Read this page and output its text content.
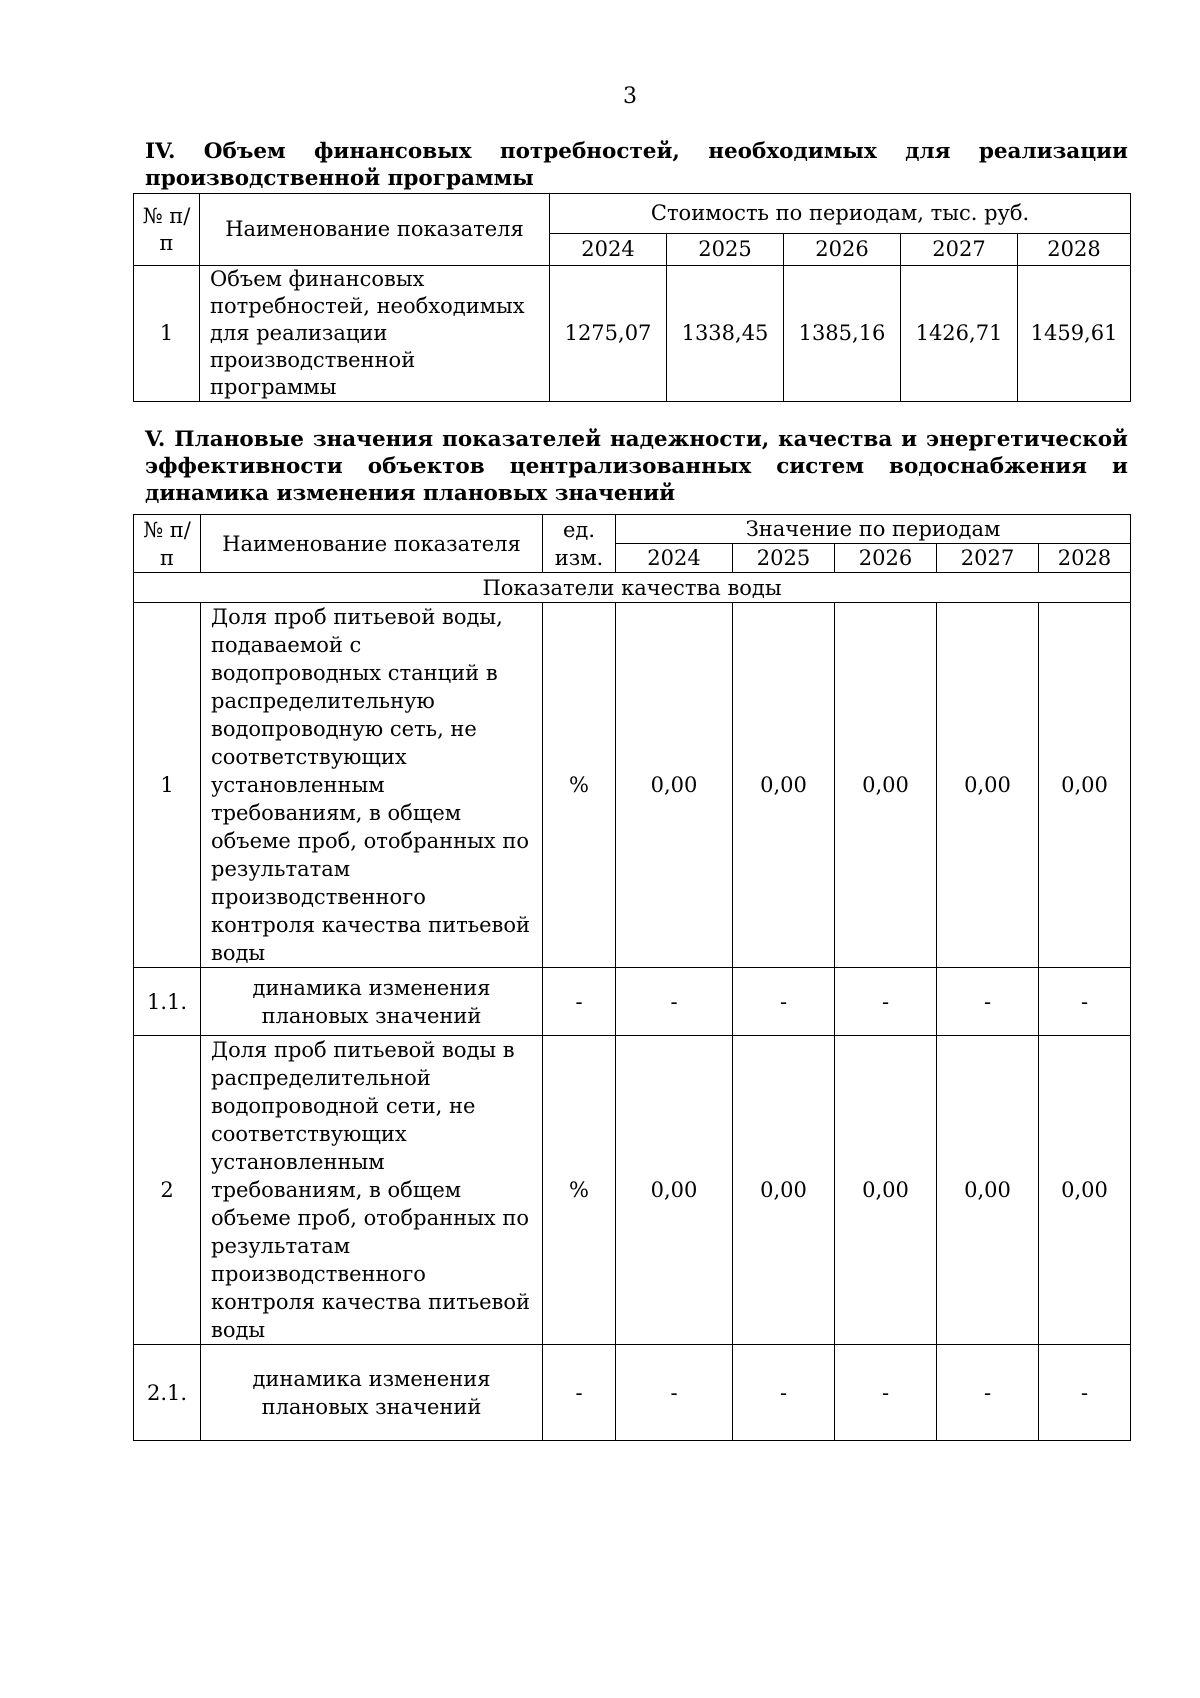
3
IV. Объем финансовых потребностей, необходимых для реализации производственной программы
№ п/п	Наименование показателя	Стоимость по периодам, тыс. руб.				
		2024	2025	2026	2027	2028
1	Объем финансовых потребностей, необходимых для реализации производственной программы	1275,07	1338,45	1385,16	1426,71	1459,61
V. Плановые значения показателей надежности, качества и энергетической эффективности объектов централизованных систем водоснабжения и динамика изменения плановых значений
№ п/п	Наименование показателя	ед. изм.	Значение по периодам				
			2024	2025	2026	2027	2028
Показатели качества воды							
1	Доля проб питьевой воды, подаваемой с водопроводных станций в распределительную водопроводную сеть, не соответствующих установленным требованиям, в общем объеме проб, отобранных по результатам производственного контроля качества питьевой воды	%	0,00	0,00	0,00	0,00	0,00
1.1.	динамика изменения плановых значений	-	-	-	-	-	-
2	Доля проб питьевой воды в распределительной водопроводной сети, не соответствующих установленным требованиям, в общем объеме проб, отобранных по результатам производственного контроля качества питьевой воды	%	0,00	0,00	0,00	0,00	0,00
2.1.	динамика изменения плановых значений	-	-	-	-	-	-
